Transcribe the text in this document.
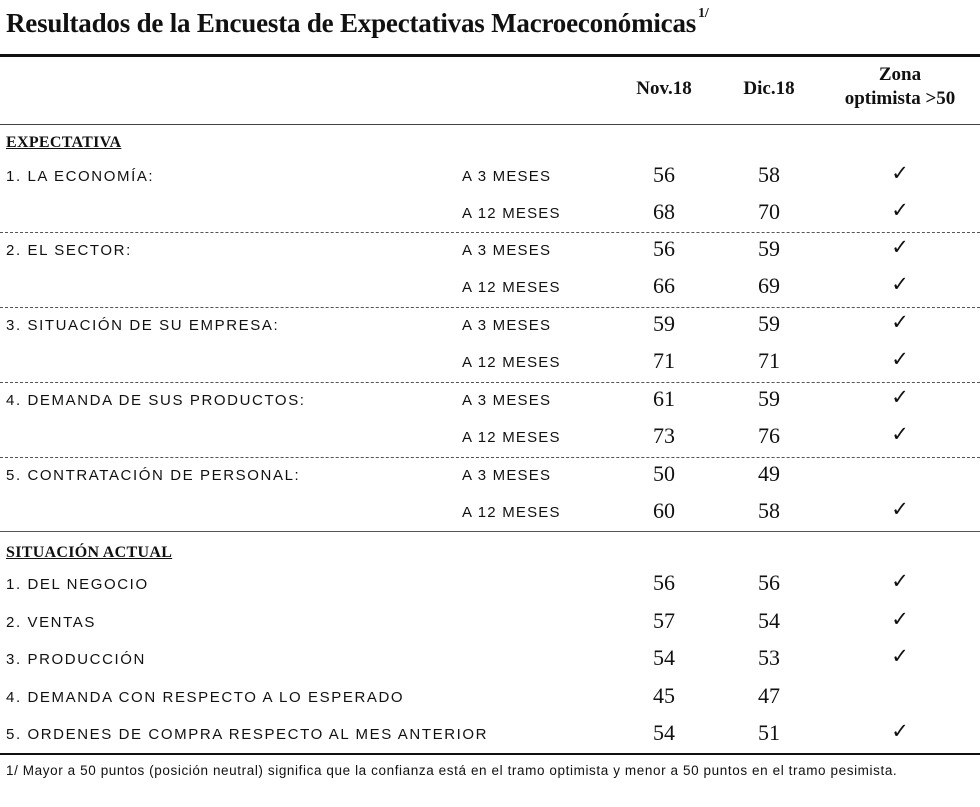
Resultados de la Encuesta de Expectativas Macroeconómicas $^{1/}$
Nov.18	Dic.18
Zona
optimista >50
EXPECTATIVA
1. LA ECONOMÍA:	A 3 MESES	56	58	✓
A 12 MESES	68	70	✓
2. EL SECTOR:	A 3 MESES	56	59	✓
A 12 MESES	66	69	✓
3. SITUACIÓN DE SU EMPRESA:	A 3 MESES	59	59	✓
A 12 MESES	71	71	✓
4. DEMANDA DE SUS PRODUCTOS:	A 3 MESES	61	59	✓
A 12 MESES	73	76	✓
5. CONTRATACIÓN DE PERSONAL:	A 3 MESES	50	49
A 12 MESES	60	58	✓
SITUACIÓN ACTUAL
1. DEL NEGOCIO	56	56	✓
2. VENTAS	57	54	✓
3. PRODUCCIÓN	54	53	✓
4. DEMANDA CON RESPECTO A LO ESPERADO	45	47
5. ORDENES DE COMPRA RESPECTO AL MES ANTERIOR	54	51	✓
1/ Mayor a 50 puntos (posición neutral) significa que la confianza está en el tramo optimista y menor a 50 puntos en el tramo pesimista.
